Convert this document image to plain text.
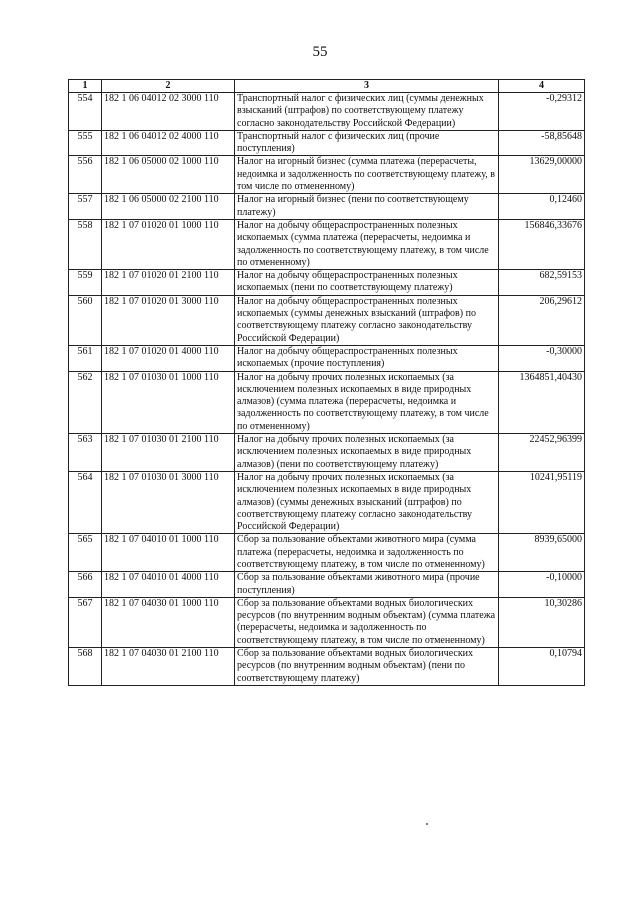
55
1	2	3	4
554	182 1 06 04012 02 3000 110	Транспортный налог с физических лиц (суммы денежных взысканий (штрафов) по соответствующему платежу согласно законодательству Российской Федерации)	-0,29312
555	182 1 06 04012 02 4000 110	Транспортный налог с физических лиц (прочие поступления)	-58,85648
556	182 1 06 05000 02 1000 110	Налог на игорный бизнес (сумма платежа (перерасчеты, недоимка и задолженность по соответствующему платежу, в том числе по отмененному)	13629,00000
557	182 1 06 05000 02 2100 110	Налог на игорный бизнес (пени по соответствующему платежу)	0,12460
558	182 1 07 01020 01 1000 110	Налог на добычу общераспространенных полезных ископаемых (сумма платежа (перерасчеты, недоимка и задолженность по соответствующему платежу, в том числе по отмененному)	156846,33676
559	182 1 07 01020 01 2100 110	Налог на добычу общераспространенных полезных ископаемых (пени по соответствующему платежу)	682,59153
560	182 1 07 01020 01 3000 110	Налог на добычу общераспространенных полезных ископаемых (суммы денежных взысканий (штрафов) по соответствующему платежу согласно законодательству Российской Федерации)	206,29612
561	182 1 07 01020 01 4000 110	Налог на добычу общераспространенных полезных ископаемых (прочие поступления)	-0,30000
562	182 1 07 01030 01 1000 110	Налог на добычу прочих полезных ископаемых (за исключением полезных ископаемых в виде природных алмазов) (сумма платежа (перерасчеты, недоимка и задолженность по соответствующему платежу, в том числе по отмененному)	1364851,40430
563	182 1 07 01030 01 2100 110	Налог на добычу прочих полезных ископаемых (за исключением полезных ископаемых в виде природных алмазов) (пени по соответствующему платежу)	22452,96399
564	182 1 07 01030 01 3000 110	Налог на добычу прочих полезных ископаемых (за исключением полезных ископаемых в виде природных алмазов) (суммы денежных взысканий (штрафов) по соответствующему платежу согласно законодательству Российской Федерации)	10241,95119
565	182 1 07 04010 01 1000 110	Сбор за пользование объектами животного мира (сумма платежа (перерасчеты, недоимка и задолженность по соответствующему платежу, в том числе по отмененному)	8939,65000
566	182 1 07 04010 01 4000 110	Сбор за пользование объектами животного мира (прочие поступления)	-0,10000
567	182 1 07 04030 01 1000 110	Сбор за пользование объектами водных биологических ресурсов (по внутренним водным объектам) (сумма платежа (перерасчеты, недоимка и задолженность по соответствующему платежу, в том числе по отмененному)	10,30286
568	182 1 07 04030 01 2100 110	Сбор за пользование объектами водных биологических ресурсов (по внутренним водным объектам) (пени по соответствующему платежу)	0,10794
